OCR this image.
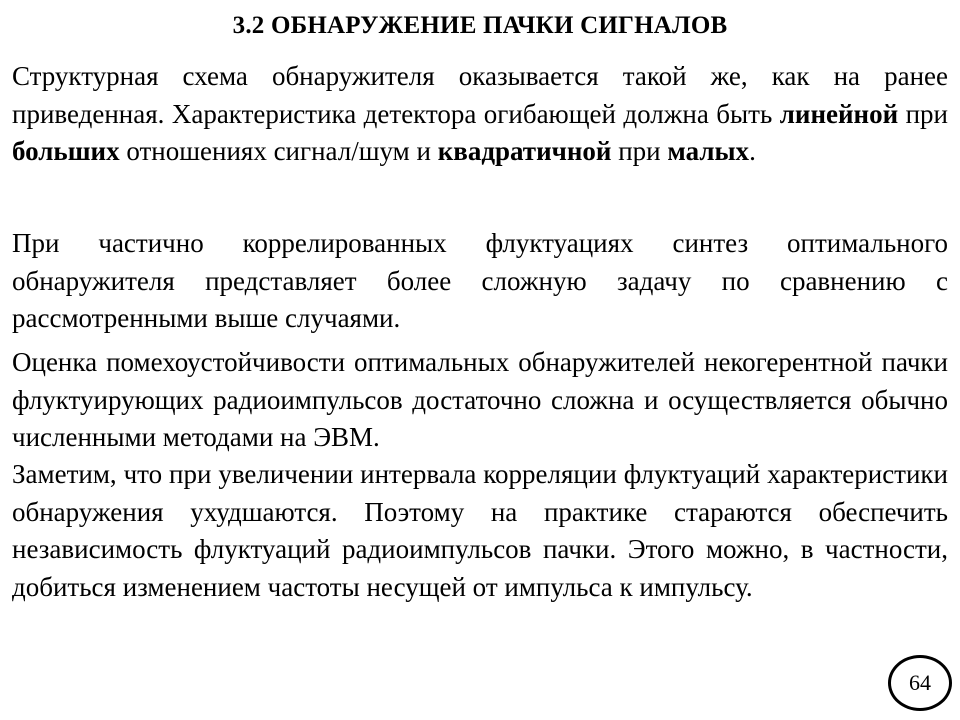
3.2 ОБНАРУЖЕНИЕ ПАЧКИ СИГНАЛОВ
Структурная схема обнаружителя оказывается такой же, как на ранее приведенная. Характеристика детектора огибающей должна быть линейной при больших отношениях сигнал/шум и квадратичной при малых.
При частично коррелированных флуктуациях синтез оптимального обнаружителя представляет более сложную задачу по сравнению с рассмотренными выше случаями.
Оценка помехоустойчивости оптимальных обнаружителей некогерентной пачки флуктуирующих радиоимпульсов достаточно сложна и осуществляется обычно численными методами на ЭВМ.
Заметим, что при увеличении интервала корреляции флуктуаций характеристики обнаружения ухудшаются. Поэтому на практике стараются обеспечить независимость флуктуаций радиоимпульсов пачки. Этого можно, в частности, добиться изменением частоты несущей от импульса к импульсу.
64
